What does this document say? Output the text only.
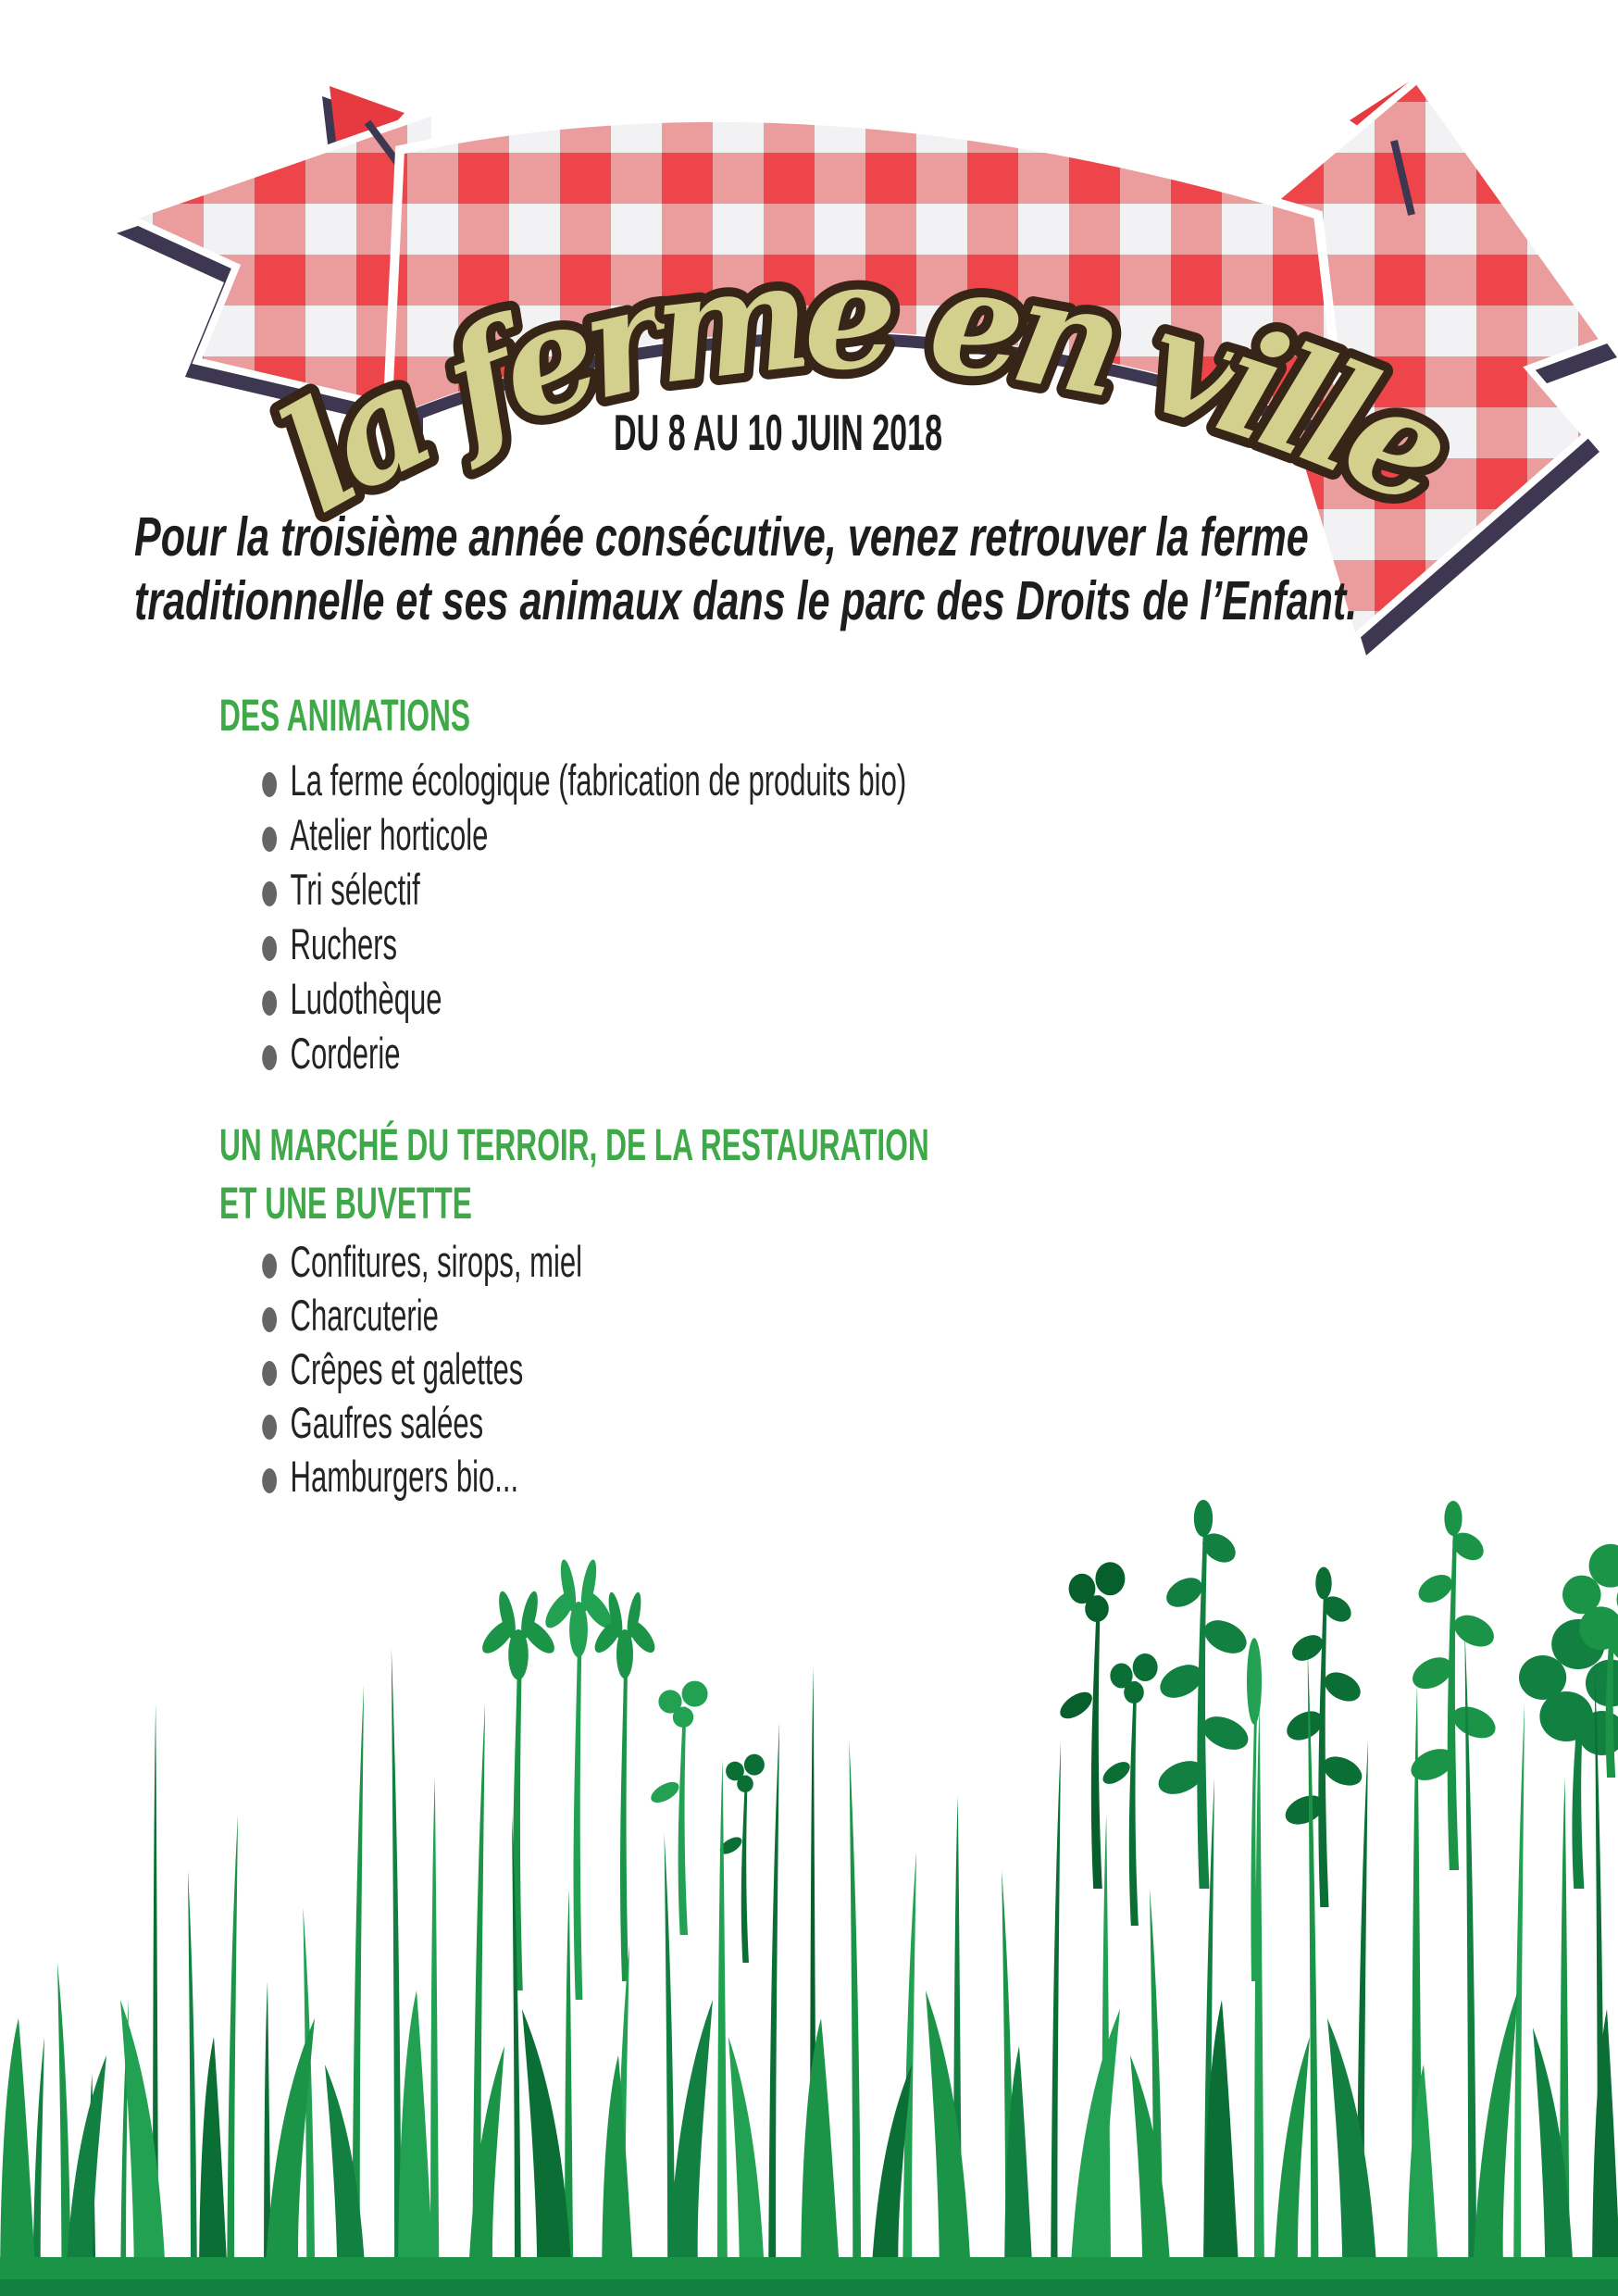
la ferme en ville
DU 8 AU 10 JUIN 2018
Pour la troisième année consécutive, venez retrouver la ferme
traditionnelle et ses animaux dans le parc des Droits de l’Enfant.
DES ANIMATIONS
La ferme écologique (fabrication de produits bio)
Atelier horticole
Tri sélectif
Ruchers
Ludothèque
Corderie
UN MARCHÉ DU TERROIR, DE LA RESTAURATION
ET UNE BUVETTE
Confitures, sirops, miel
Charcuterie
Crêpes et galettes
Gaufres salées
Hamburgers bio...
